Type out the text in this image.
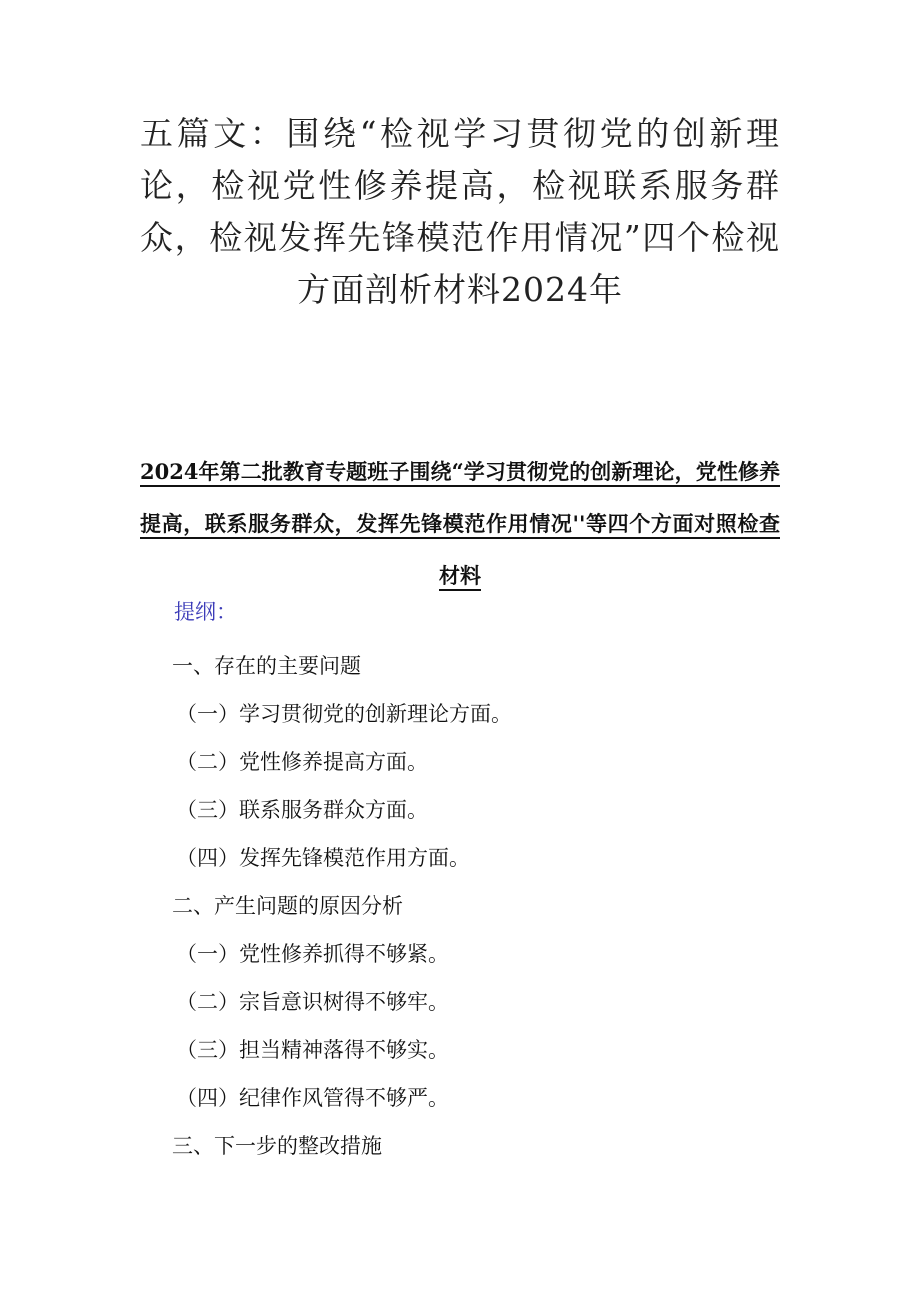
五篇文：围绕“检视学习贯彻党的创新理论，检视党性修养提高，检视联系服务群众，检视发挥先锋模范作用情况”四个检视方面剖析材料2024年
2024年第二批教育专题班子围绕“学习贯彻党的创新理论，党性修养提高，联系服务群众，发挥先锋模范作用情况''等四个方面对照检查材料
提纲：
一、存在的主要问题
（一）学习贯彻党的创新理论方面。
（二）党性修养提高方面。
（三）联系服务群众方面。
（四）发挥先锋模范作用方面。
二、产生问题的原因分析
（一）党性修养抓得不够紧。
（二）宗旨意识树得不够牢。
（三）担当精神落得不够实。
（四）纪律作风管得不够严。
三、下一步的整改措施
